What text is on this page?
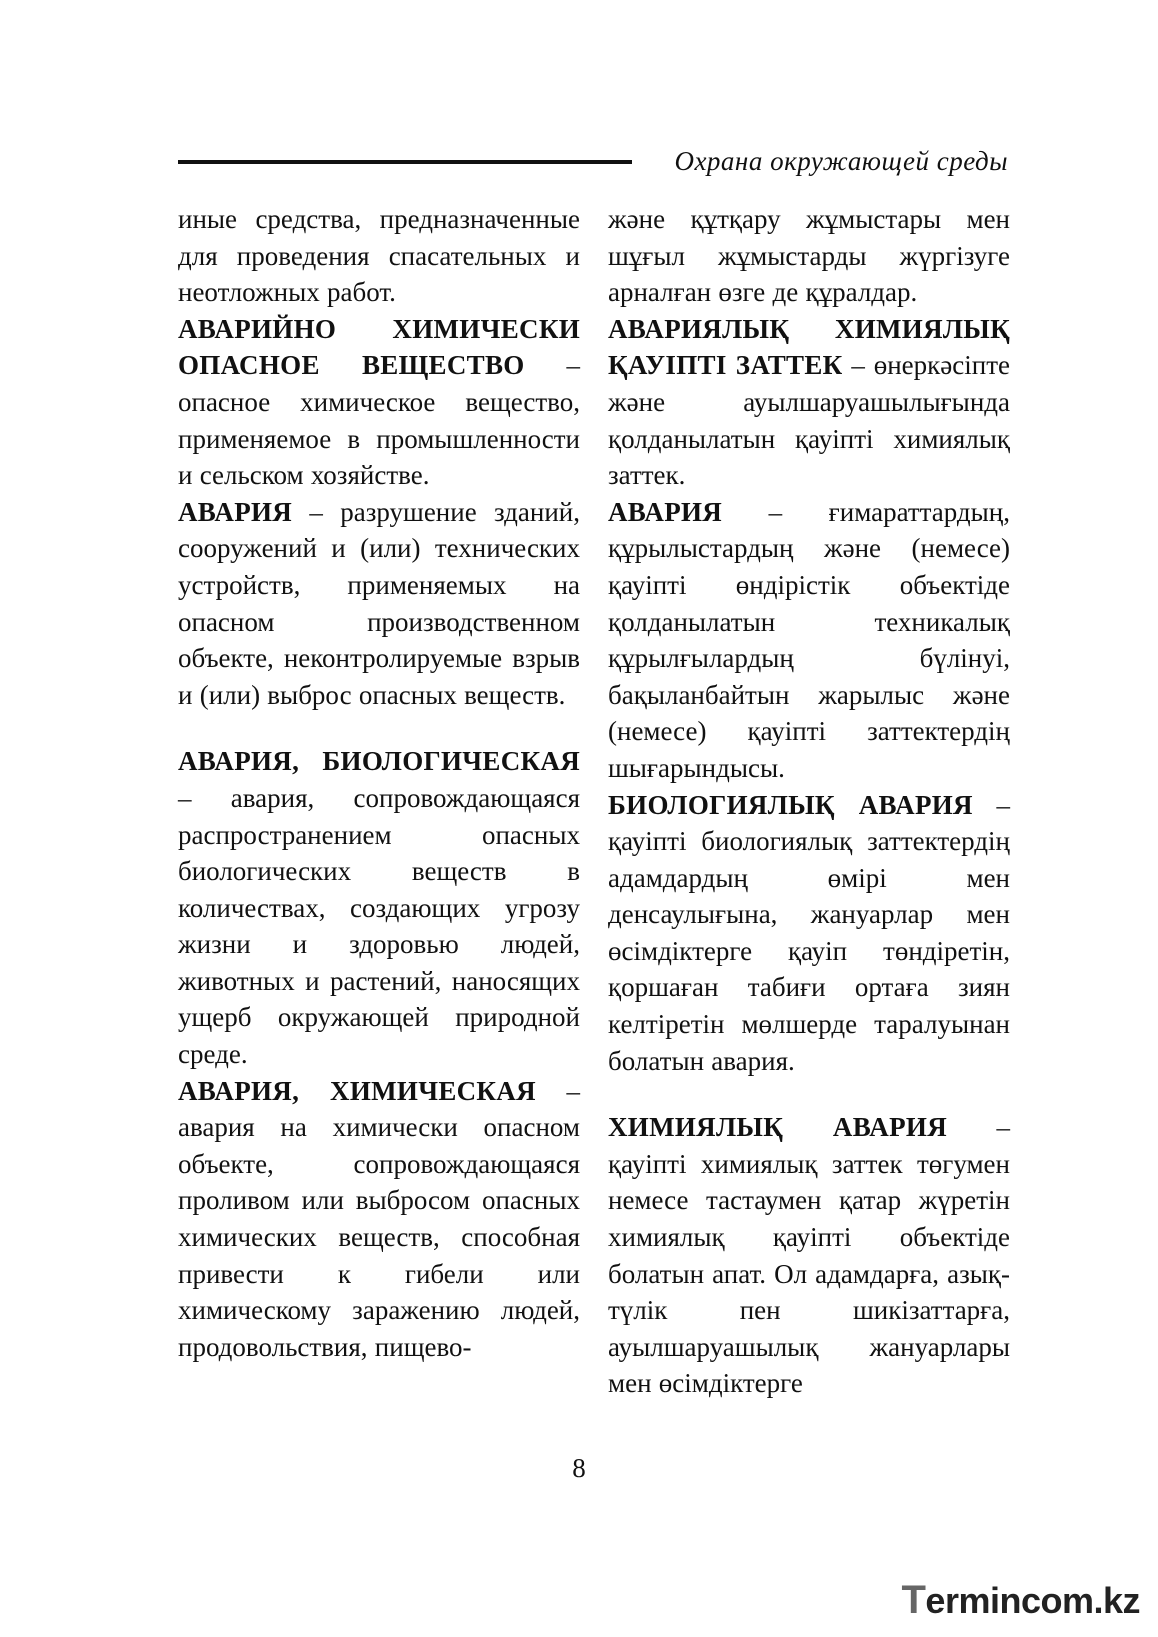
Охрана окружающей среды

иные средства, предназначенные для проведения спасательных и неотложных работ.

АВАРИЙНО ХИМИЧЕСКИ ОПАСНОЕ ВЕЩЕСТВО – опасное химическое вещество, применяемое в промышленности и сельском хозяйстве.

АВАРИЯ – разрушение зданий, сооружений и (или) технических устройств, применяемых на опасном производственном объекте, неконтролируемые взрыв и (или) выброс опасных веществ.

АВАРИЯ, БИОЛОГИЧЕСКАЯ – авария, сопровождающаяся распространением опасных биологических веществ в количествах, создающих угрозу жизни и здоровью людей, животных и растений, наносящих ущерб окружающей природной среде.

АВАРИЯ, ХИМИЧЕСКАЯ – авария на химически опасном объекте, сопровождающаяся проливом или выбросом опасных химических веществ, способная привести к гибели или химическому заражению людей, продовольствия, пищево-

және құтқару жұмыстары мен шұғыл жұмыстарды жүргізуге арналған өзге де құралдар.

АВАРИЯЛЫҚ ХИМИЯЛЫҚ ҚАУІПТІ ЗАТТЕК – өнеркәсіпте және ауылшаруашылығында қолданылатын қауіпті химиялық заттек.

АВАРИЯ – ғимараттардың, құрылыстардың және (немесе) қауіпті өндірістік объектіде қолданылатын техникалық құрылғылардың бүлінуі, бақыланбайтын жарылыс және (немесе) қауіпті заттектердің шығарындысы.

БИОЛОГИЯЛЫҚ АВАРИЯ – қауіпті биологиялық заттектердің адамдардың өмірі мен денсаулығына, жануарлар мен өсімдіктерге қауіп төндіретін, қоршаған табиғи ортаға зиян келтіретін мөлшерде таралуынан болатын авария.

ХИМИЯЛЫҚ АВАРИЯ – қауіпті химиялық заттек төгумен немесе тастаумен қатар жүретін химиялық қауіпті объектіде болатын апат. Ол адамдарға, азық-түлік пен шикізаттарға, ауылшаруашылық жануарлары мен өсімдіктерге

8
Termincom.kz
